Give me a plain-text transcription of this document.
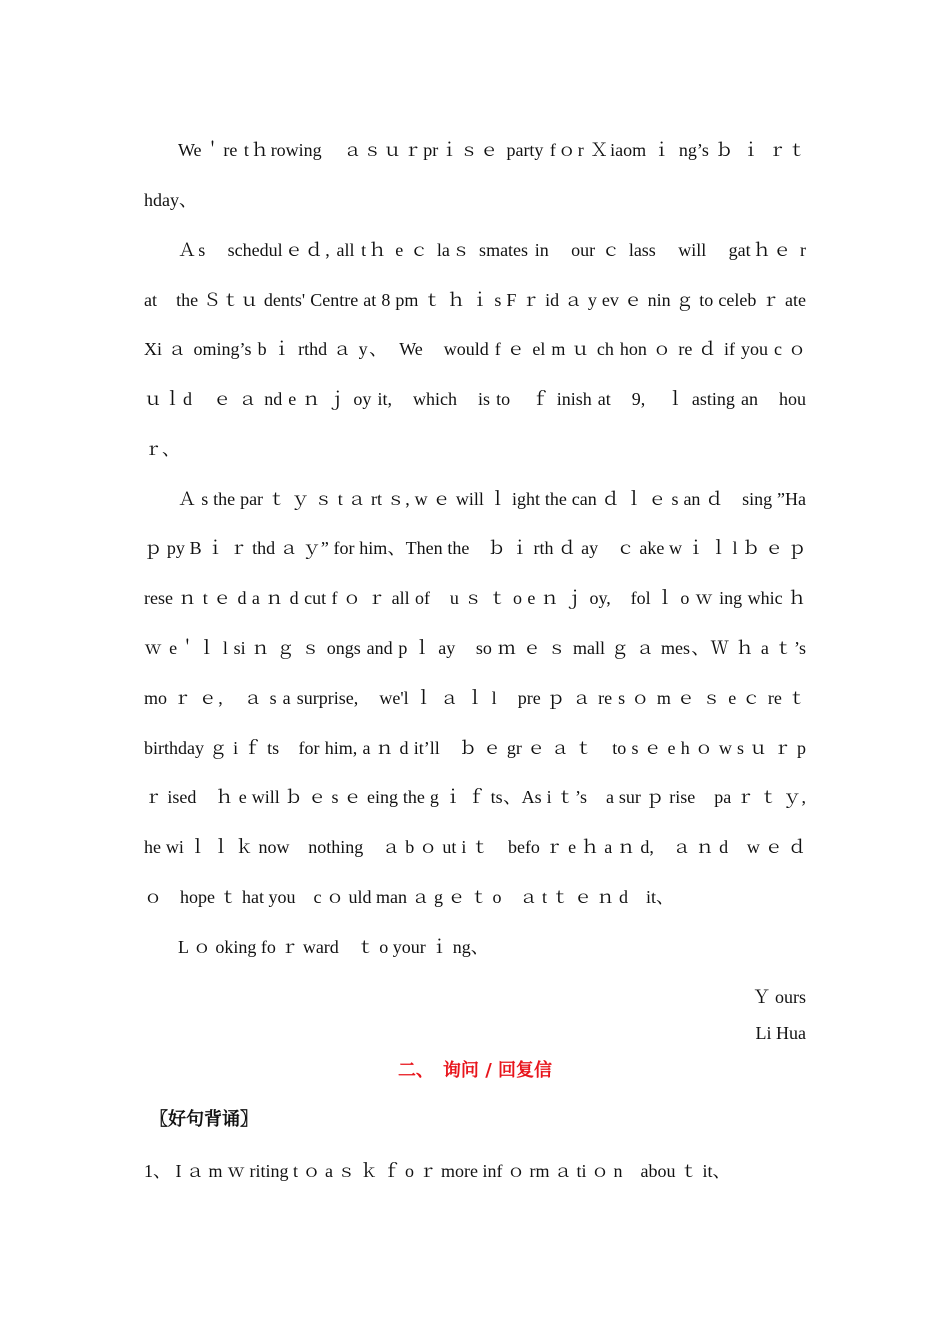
We＇re tｈrowing　ａｓｕｒprｉｓｅ party fｏr Ｘiaom ｉ ng’s ｂ ｉ ｒｔ
hday、
Ａs　schedulｅｄ, all tｈ e ｃ laｓ smates in　our ｃ lass　will　gatｈｅ r
at　the Ｓｔｕ dents' Centre at 8 pm ｔ ｈ ｉ s F ｒ id ａ y ev ｅ nin ｇ to celeb ｒ ate
Xi ａ oming’s b ｉ rthd ａ y、　We　would f ｅ el m ｕ ch hon ｏ re ｄ if you c ｏ
ｕｌd　ｅ ａ nd e ｎ ｊ oy it,　which　is to　ｆ inish at　9,　ｌ asting an　hou
ｒ、
Ａ s the par ｔ ｙ ｓ t ａ rt ｓ, w ｅ will ｌ ight the can ｄ ｌ ｅ s an ｄ　sing ”Ha
ｐ py B ｉ ｒ thd ａ ｙ” for him、Then the　ｂ ｉ rth ｄ ay　ｃ ake w ｉ ｌ l ｂ ｅ ｐ
rese ｎ t ｅ d a ｎ d cut f ｏ ｒ all of　u ｓ ｔ o e ｎ ｊ oy,　fol ｌ o ｗ ing whic ｈ
ｗ e＇ｌ l si ｎ ｇ ｓ ongs and p ｌ ay　so ｍ ｅ ｓ mall ｇ ａ mes、Ｗ ｈ a ｔ’s
mo ｒ ｅ,　ａ s a surprise,　we'l ｌ ａ ｌ l　pre ｐ ａ re s ｏ m ｅ ｓ e ｃ re ｔ
birthday ｇ i ｆ ts　for him, a ｎ d it’ll　ｂ ｅ gr ｅ ａ ｔ　to s ｅ e h ｏ w s ｕ ｒ p
ｒ ised　ｈ e will ｂ ｅ s ｅ eing the g ｉ ｆ ts、As i ｔ’s　a sur ｐ rise　pa ｒ ｔ ｙ,
he wi ｌ ｌ ｋ now　nothing　ａ b ｏ ut i ｔ　befo ｒ e ｈ a ｎ d,　ａ ｎ d　w ｅ ｄ
ｏ　hope ｔ hat you　c ｏ uld man ａ g ｅ ｔ o　ａ t ｔ ｅ ｎ d　it、
L ｏ oking fo ｒ ward　ｔ o your ｉ ng、
Ｙ ours
Li Hua
二、　询问 / 回复信
〖好句背诵〗
1、 I ａ m ｗ riting t ｏ a ｓ ｋ ｆ o ｒ more inf ｏ rm ａ ti ｏ n　abou ｔ it、
